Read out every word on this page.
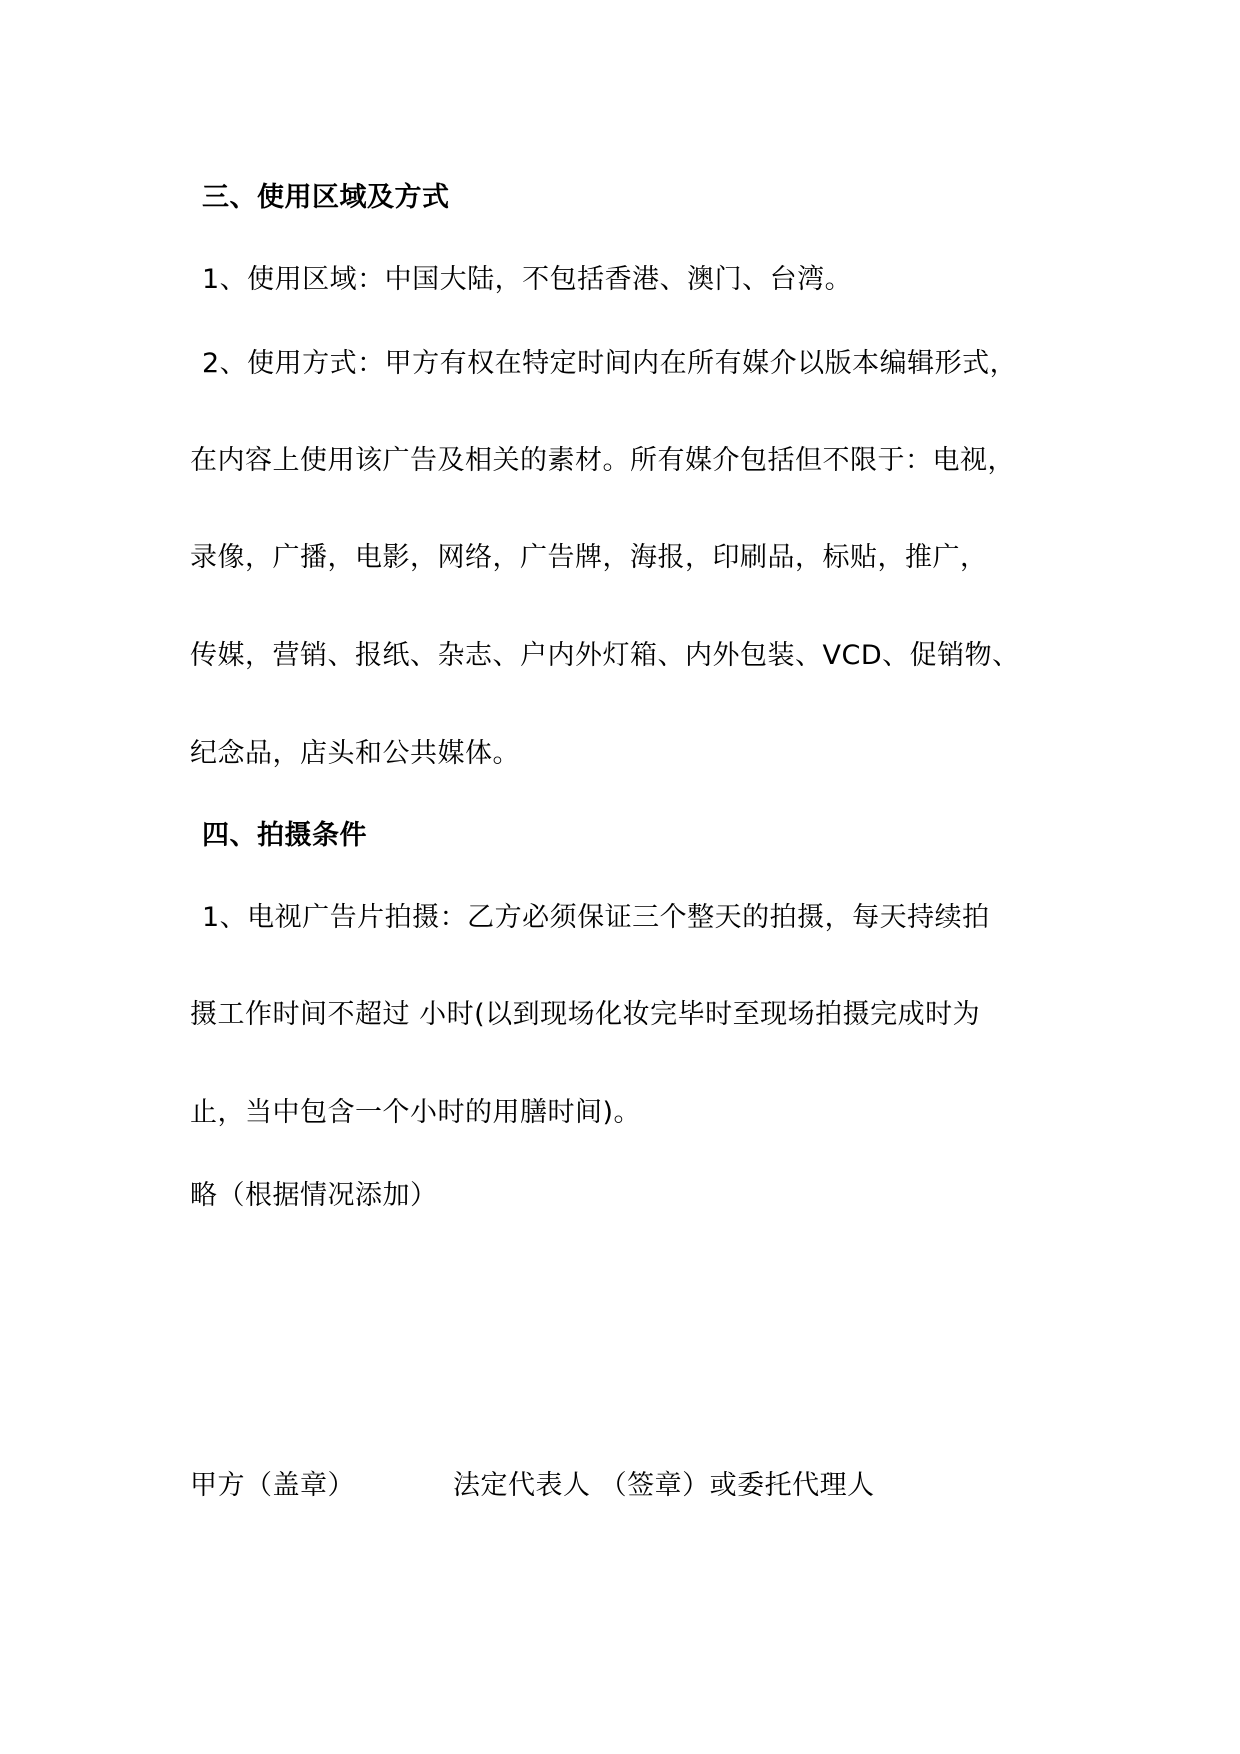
三、使用区域及方式
1、使用区域：中国大陆，不包括香港、澳门、台湾。
2、使用方式：甲方有权在特定时间内在所有媒介以版本编辑形式，
在内容上使用该广告及相关的素材。所有媒介包括但不限于：电视，
录像，广播，电影，网络，广告牌，海报，印刷品，标贴，推广，
传媒，营销、报纸、杂志、户内外灯箱、内外包装、VCD、促销物、
纪念品，店头和公共媒体。
四、拍摄条件
1、电视广告片拍摄：乙方必须保证三个整天的拍摄，每天持续拍
摄工作时间不超过 小时(以到现场化妆完毕时至现场拍摄完成时为
止，当中包含一个小时的用膳时间)。
略（根据情况添加）
甲方（盖章）	法定代表人 （签章）或委托代理人
